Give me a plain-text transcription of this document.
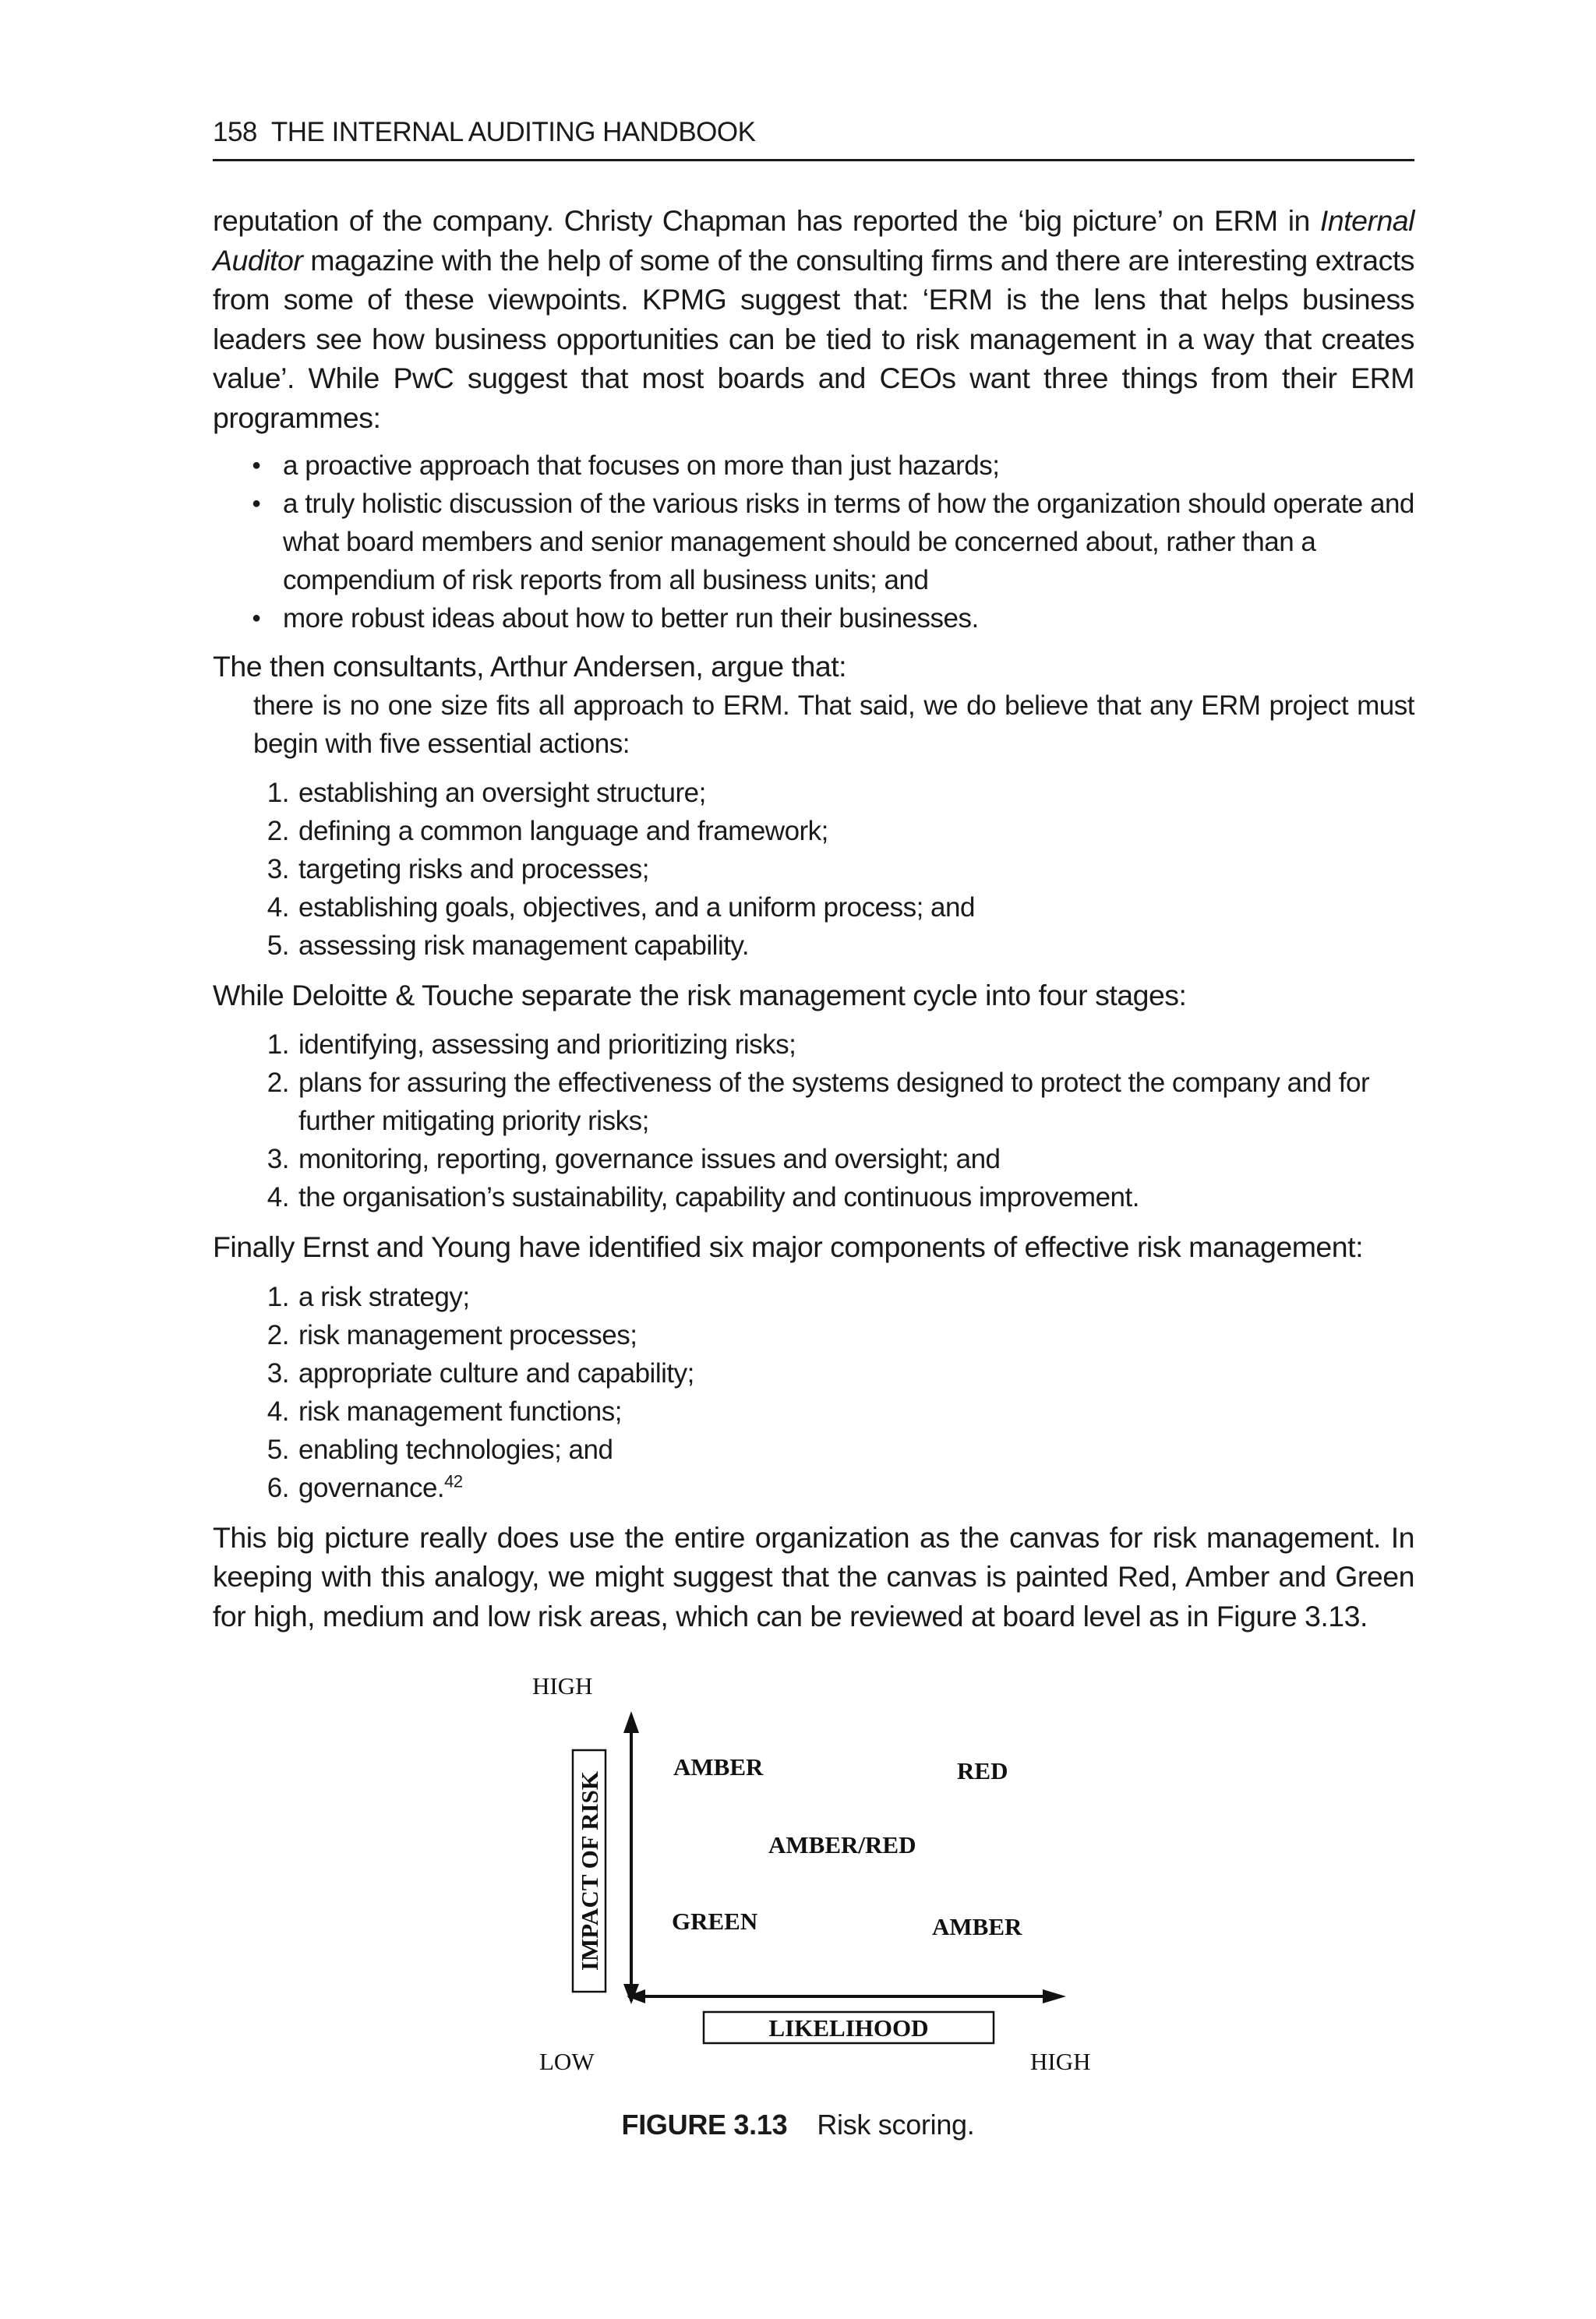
158 THE INTERNAL AUDITING HANDBOOK

reputation of the company. Christy Chapman has reported the ‘big picture’ on ERM in Internal Auditor magazine with the help of some of the consulting firms and there are interesting extracts from some of these viewpoints. KPMG suggest that: ‘ERM is the lens that helps business leaders see how business opportunities can be tied to risk management in a way that creates value’. While PwC suggest that most boards and CEOs want three things from their ERM programmes:

● a proactive approach that focuses on more than just hazards;
● a truly holistic discussion of the various risks in terms of how the organization should operate and what board members and senior management should be concerned about, rather than a compendium of risk reports from all business units; and
● more robust ideas about how to better run their businesses.

The then consultants, Arthur Andersen, argue that:

there is no one size fits all approach to ERM. That said, we do believe that any ERM project must begin with five essential actions:
1. establishing an oversight structure;
2. defining a common language and framework;
3. targeting risks and processes;
4. establishing goals, objectives, and a uniform process; and
5. assessing risk management capability.

While Deloitte & Touche separate the risk management cycle into four stages:

1. identifying, assessing and prioritizing risks;
2. plans for assuring the effectiveness of the systems designed to protect the company and for further mitigating priority risks;
3. monitoring, reporting, governance issues and oversight; and
4. the organisation’s sustainability, capability and continuous improvement.

Finally Ernst and Young have identified six major components of effective risk management:

1. a risk strategy;
2. risk management processes;
3. appropriate culture and capability;
4. risk management functions;
5. enabling technologies; and
6. governance.$^{42}$

This big picture really does use the entire organization as the canvas for risk management. In keeping with this analogy, we might suggest that the canvas is painted Red, Amber and Green for high, medium and low risk areas, which can be reviewed at board level as in Figure 3.13.

IMPACT OF RISK
LIKELIHOOD
HIGH
LOW	HIGH
AMBER	RED
AMBER/RED
GREEN	AMBER
FIGURE 3.13 Risk scoring.
